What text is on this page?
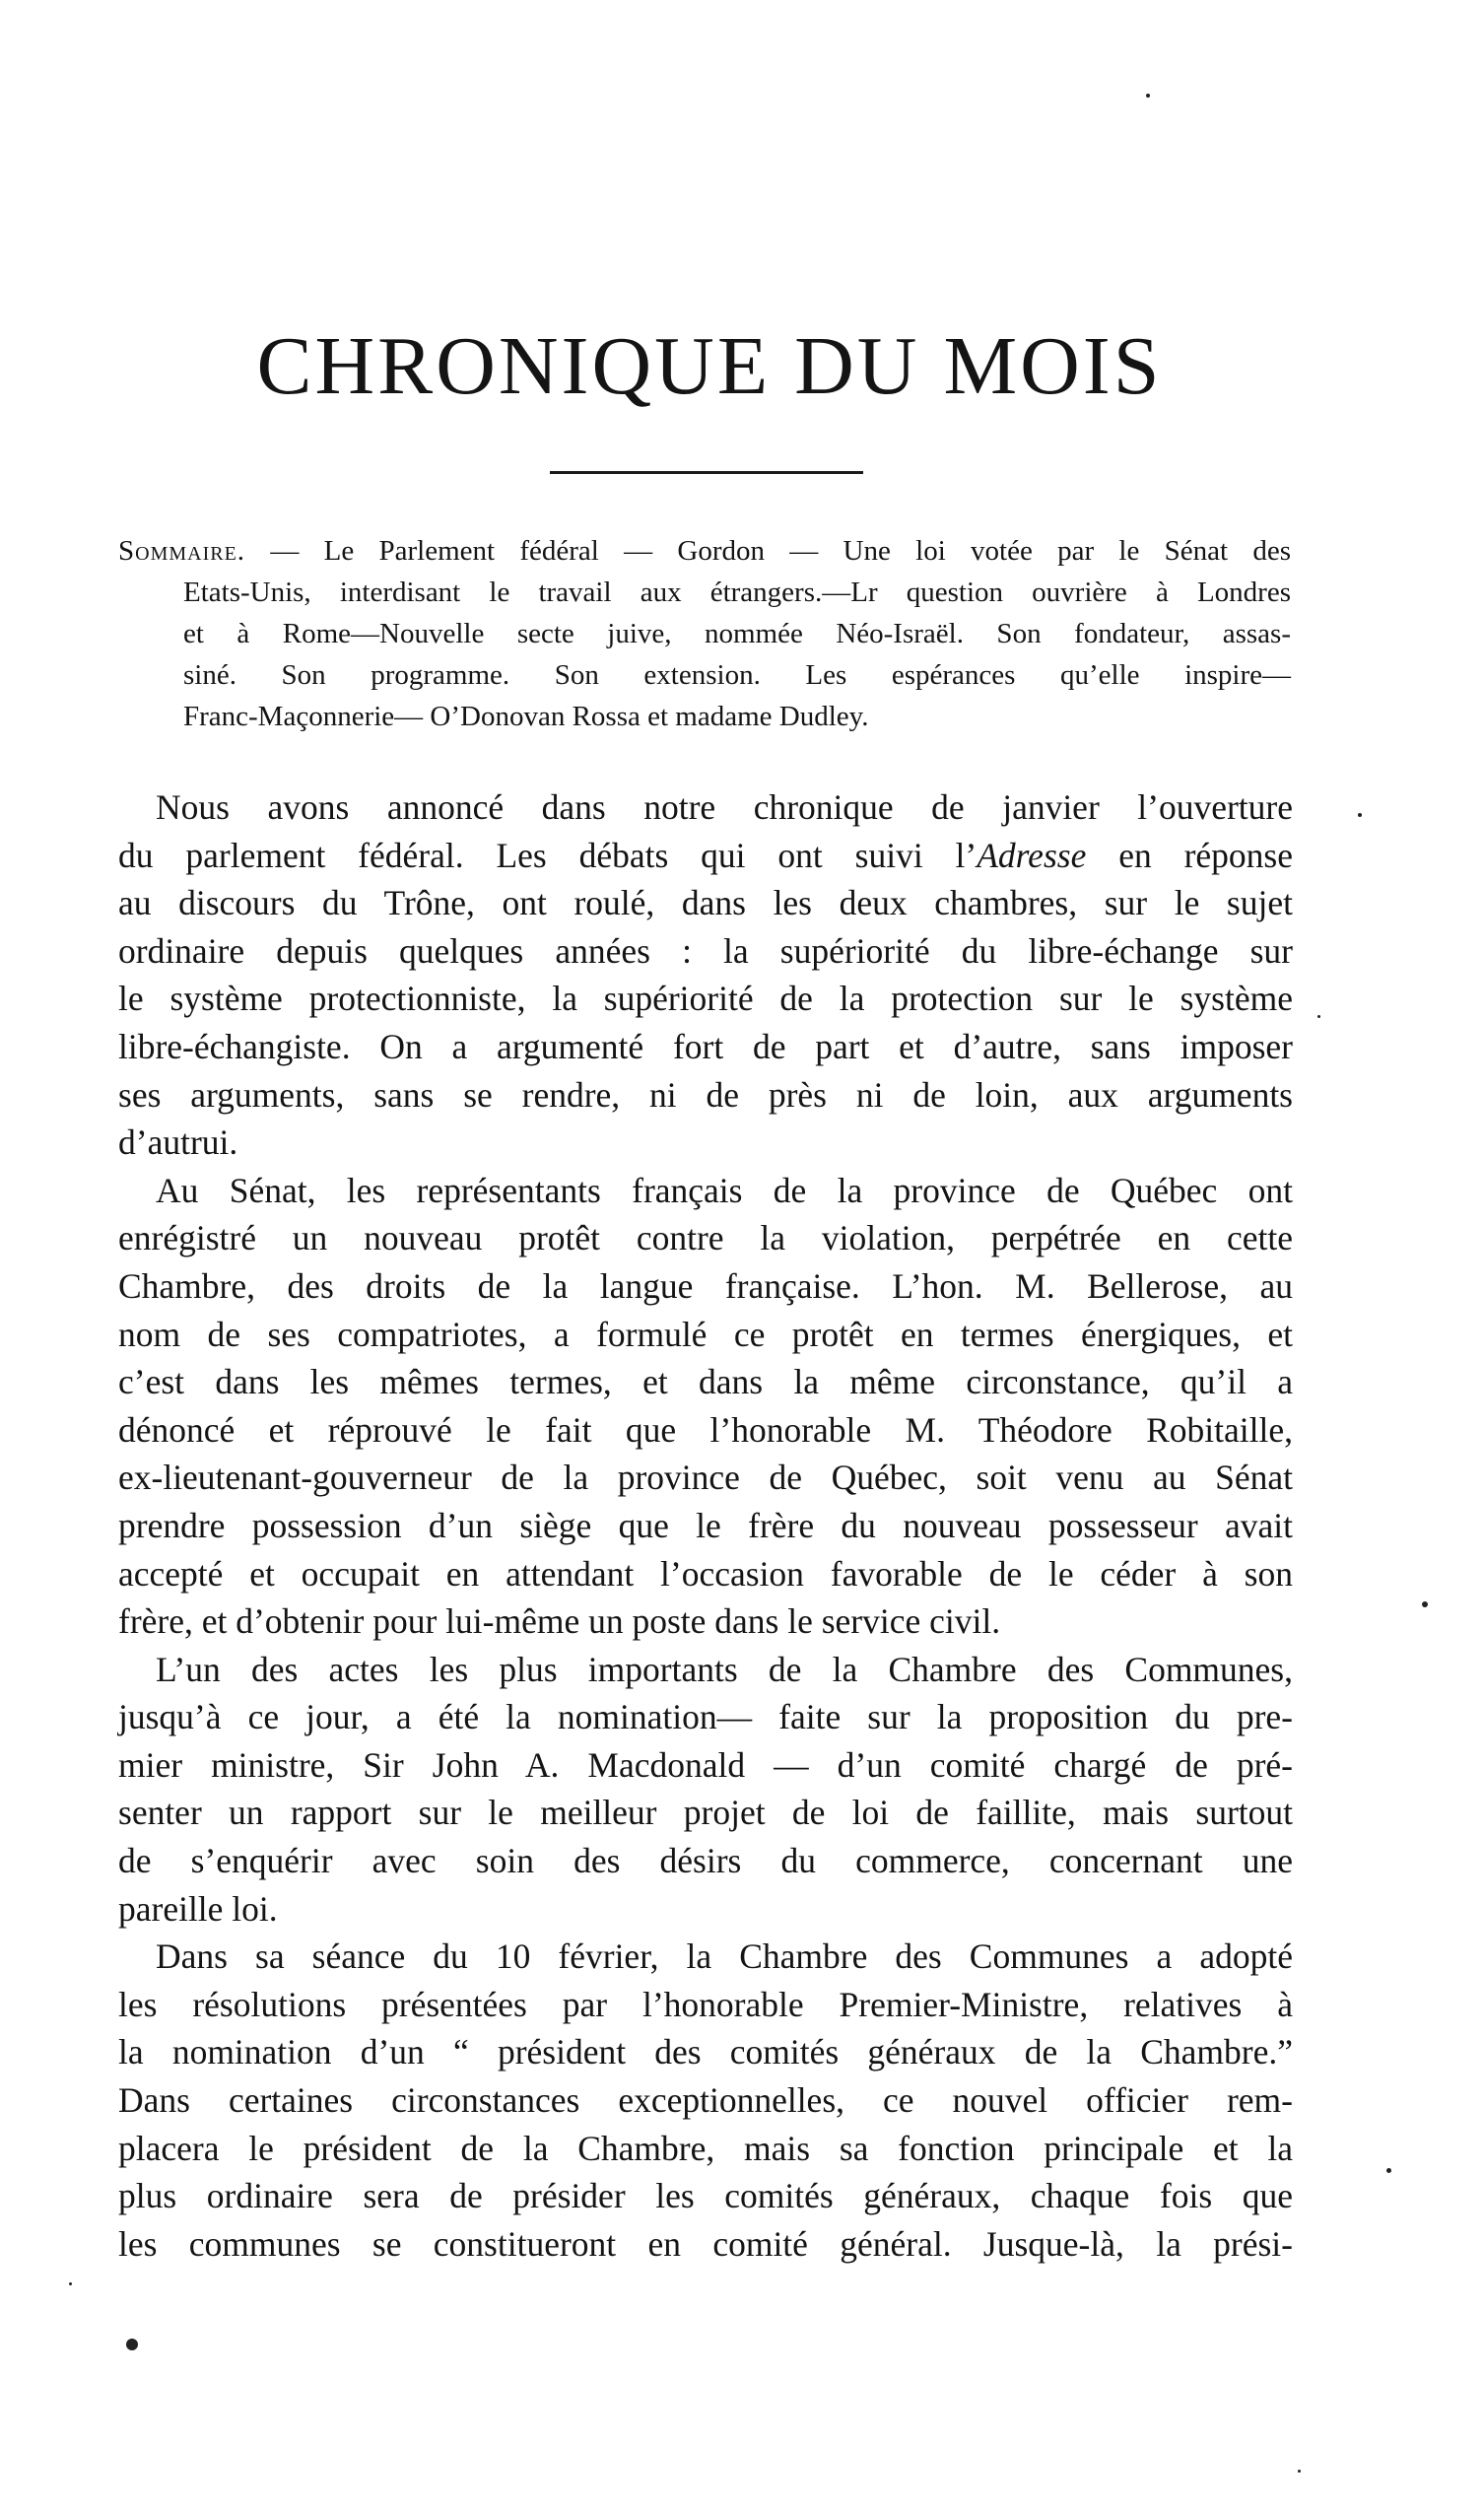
CHRONIQUE DU MOIS
Sommaire. — Le Parlement fédéral — Gordon — Une loi votée par le Sénat des
Etats-Unis, interdisant le travail aux étrangers.—Lr question ouvrière à Londres
et à Rome—Nouvelle secte juive, nommée Néo-Israël. Son fondateur, assas-
siné. Son programme. Son extension. Les espérances qu’elle inspire—
Franc-Maçonnerie— O’Donovan Rossa et madame Dudley.
Nous avons annoncé dans notre chronique de janvier l’ouverture
du parlement fédéral. Les débats qui ont suivi l’Adresse en réponse
au discours du Trône, ont roulé, dans les deux chambres, sur le sujet
ordinaire depuis quelques années : la supériorité du libre-échange sur
le système protectionniste, la supériorité de la protection sur le système
libre-échangiste. On a argumenté fort de part et d’autre, sans imposer
ses arguments, sans se rendre, ni de près ni de loin, aux arguments
d’autrui.
Au Sénat, les représentants français de la province de Québec ont
enrégistré un nouveau protêt contre la violation, perpétrée en cette
Chambre, des droits de la langue française. L’hon. M. Bellerose, au
nom de ses compatriotes, a formulé ce protêt en termes énergiques, et
c’est dans les mêmes termes, et dans la même circonstance, qu’il a
dénoncé et réprouvé le fait que l’honorable M. Théodore Robitaille,
ex-lieutenant-gouverneur de la province de Québec, soit venu au Sénat
prendre possession d’un siège que le frère du nouveau possesseur avait
accepté et occupait en attendant l’occasion favorable de le céder à son
frère, et d’obtenir pour lui-même un poste dans le service civil.
L’un des actes les plus importants de la Chambre des Communes,
jusqu’à ce jour, a été la nomination— faite sur la proposition du pre-
mier ministre, Sir John A. Macdonald — d’un comité chargé de pré-
senter un rapport sur le meilleur projet de loi de faillite, mais surtout
de s’enquérir avec soin des désirs du commerce, concernant une
pareille loi.
Dans sa séance du 10 février, la Chambre des Communes a adopté
les résolutions présentées par l’honorable Premier-Ministre, relatives à
la nomination d’un “ président des comités généraux de la Chambre.”
Dans certaines circonstances exceptionnelles, ce nouvel officier rem-
placera le président de la Chambre, mais sa fonction principale et la
plus ordinaire sera de présider les comités généraux, chaque fois que
les communes se constitueront en comité général. Jusque-là, la prési-
